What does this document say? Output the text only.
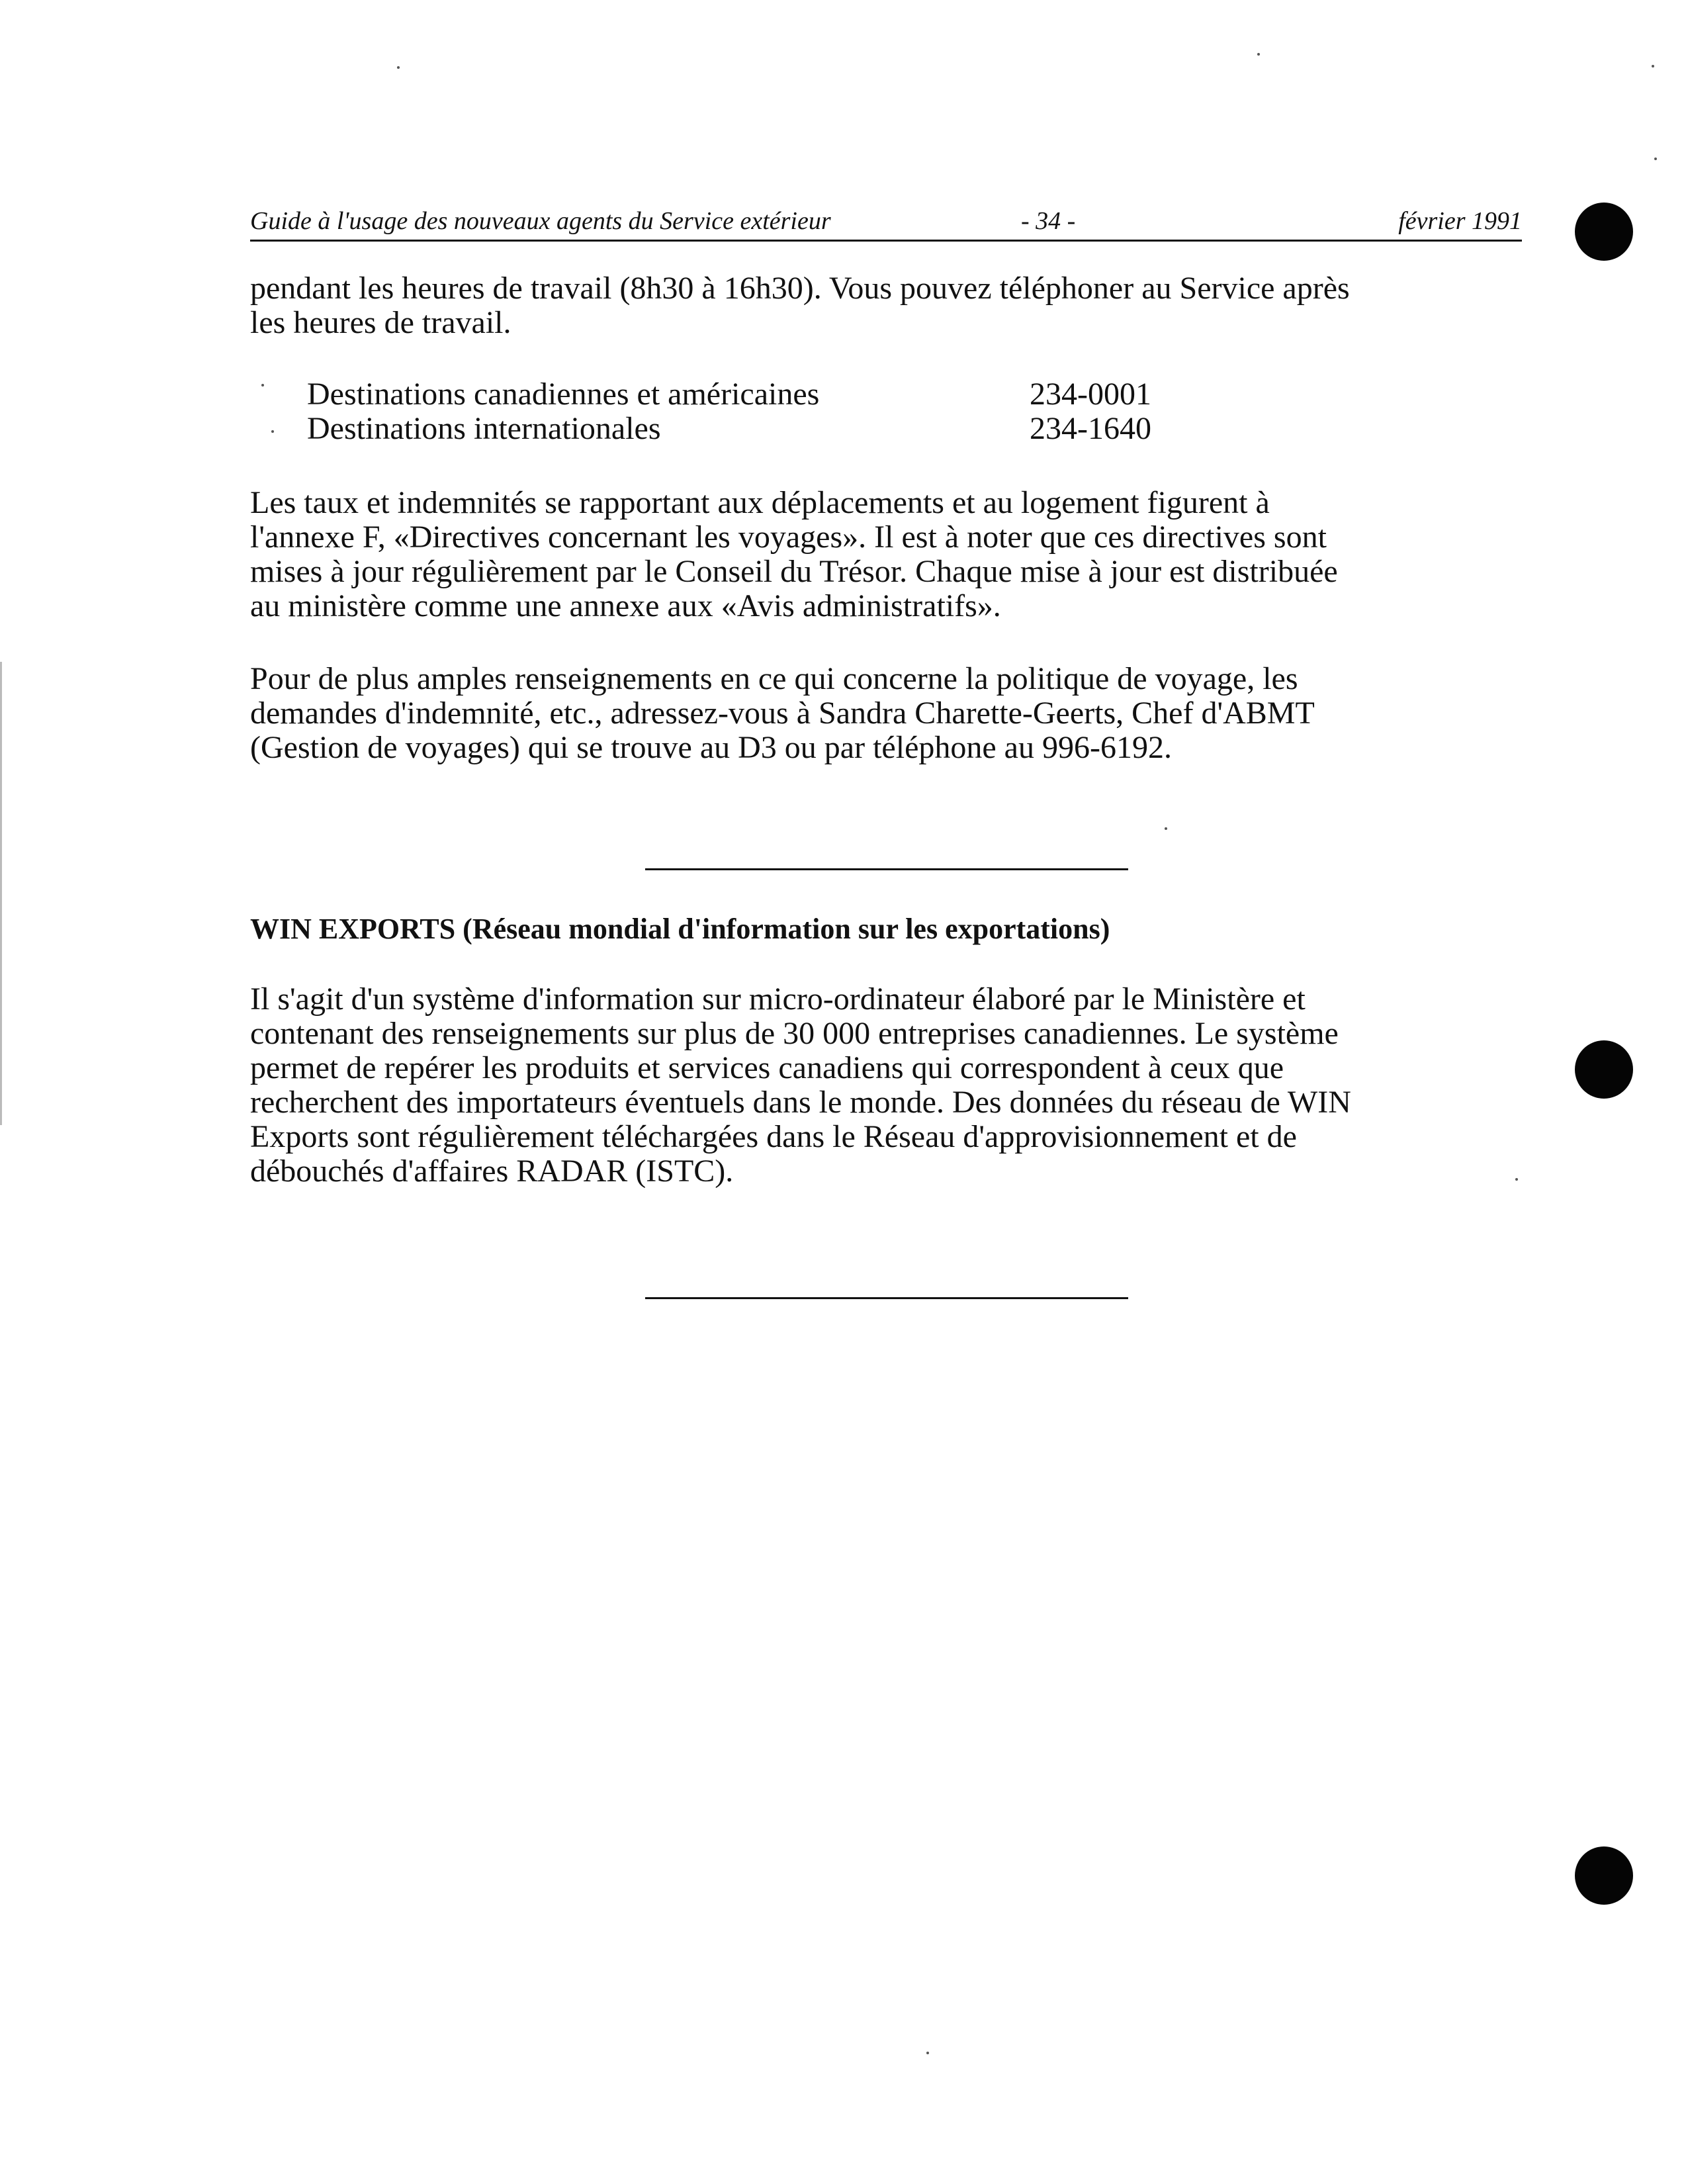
Guide à l'usage des nouveaux agents du Service extérieur	- 34 -	février 1991

pendant les heures de travail (8h30 à 16h30). Vous pouvez téléphoner au Service après

les heures de travail.

Destinations canadiennes et américaines	234-0001
Destinations internationales	234-1640

Les taux et indemnités se rapportant aux déplacements et au logement figurent à

l'annexe F, «Directives concernant les voyages». Il est à noter que ces directives sont

mises à jour régulièrement par le Conseil du Trésor. Chaque mise à jour est distribuée

au ministère comme une annexe aux «Avis administratifs».

Pour de plus amples renseignements en ce qui concerne la politique de voyage, les

demandes d'indemnité, etc., adressez-vous à Sandra Charette-Geerts, Chef d'ABMT

(Gestion de voyages) qui se trouve au D3 ou par téléphone au 996-6192.

WIN EXPORTS (Réseau mondial d'information sur les exportations)

Il s'agit d'un système d'information sur micro-ordinateur élaboré par le Ministère et

contenant des renseignements sur plus de 30 000 entreprises canadiennes. Le système

permet de repérer les produits et services canadiens qui correspondent à ceux que

recherchent des importateurs éventuels dans le monde. Des données du réseau de WIN

Exports sont régulièrement téléchargées dans le Réseau d'approvisionnement et de

débouchés d'affaires RADAR (ISTC).
